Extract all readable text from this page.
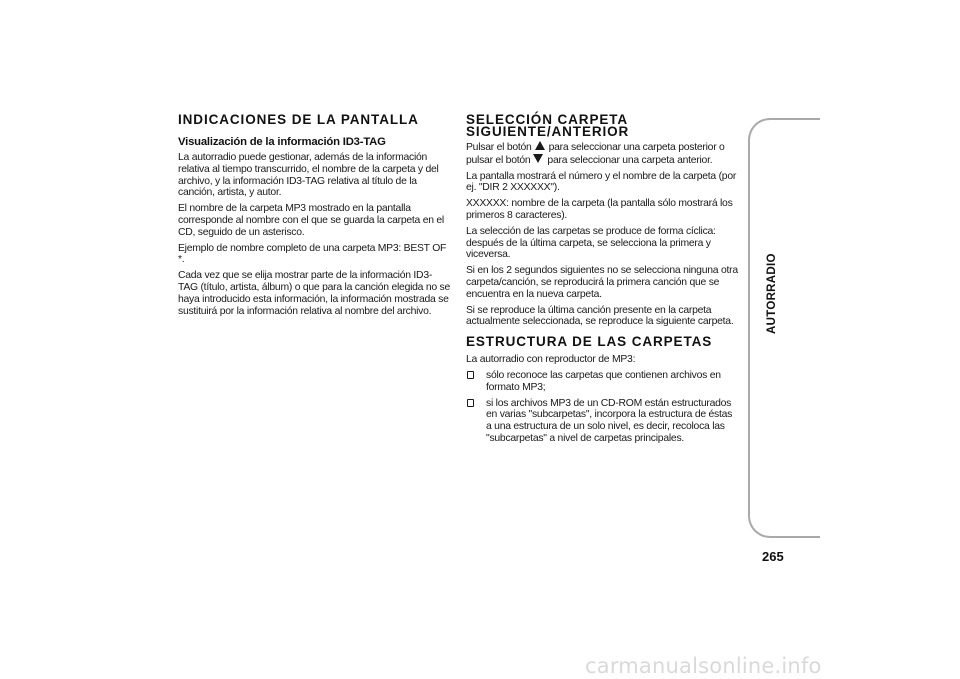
INDICACIONES DE LA PANTALLA
Visualización de la información ID3-TAG

La autorradio puede gestionar, además de la información relativa al tiempo transcurrido, el nombre de la carpeta y del archivo, y la información ID3-TAG relativa al título de la canción, artista, y autor.

El nombre de la carpeta MP3 mostrado en la pantalla corresponde al nombre con el que se guarda la carpeta en el CD, seguido de un asterisco.

Ejemplo de nombre completo de una carpeta MP3: BEST OF *.

Cada vez que se elija mostrar parte de la información ID3-TAG (título, artista, álbum) o que para la canción elegida no se haya introducido esta información, la información mostrada se sustituirá por la información relativa al nombre del archivo.

SELECCIÓN CARPETA
SIGUIENTE/ANTERIOR

Pulsar el botón para seleccionar una carpeta posterior o pulsar el botón para seleccionar una carpeta anterior.

La pantalla mostrará el número y el nombre de la carpeta (por ej. "DIR 2 XXXXXX").

XXXXXX: nombre de la carpeta (la pantalla sólo mostrará los primeros 8 caracteres).

La selección de las carpetas se produce de forma cíclica: después de la última carpeta, se selecciona la primera y viceversa.

Si en los 2 segundos siguientes no se selecciona ninguna otra carpeta/canción, se reproducirá la primera canción que se encuentra en la nueva carpeta.

Si se reproduce la última canción presente en la carpeta actualmente seleccionada, se reproduce la siguiente carpeta.

ESTRUCTURA DE LAS CARPETAS

La autorradio con reproductor de MP3:

sólo reconoce las carpetas que contienen archivos en formato MP3;
si los archivos MP3 de un CD-ROM están estructurados en varias "subcarpetas", incorpora la estructura de éstas a una estructura de un solo nivel, es decir, recoloca las "subcarpetas" a nivel de carpetas principales.
AUTORRADIO
265
carmanualsonline.info
